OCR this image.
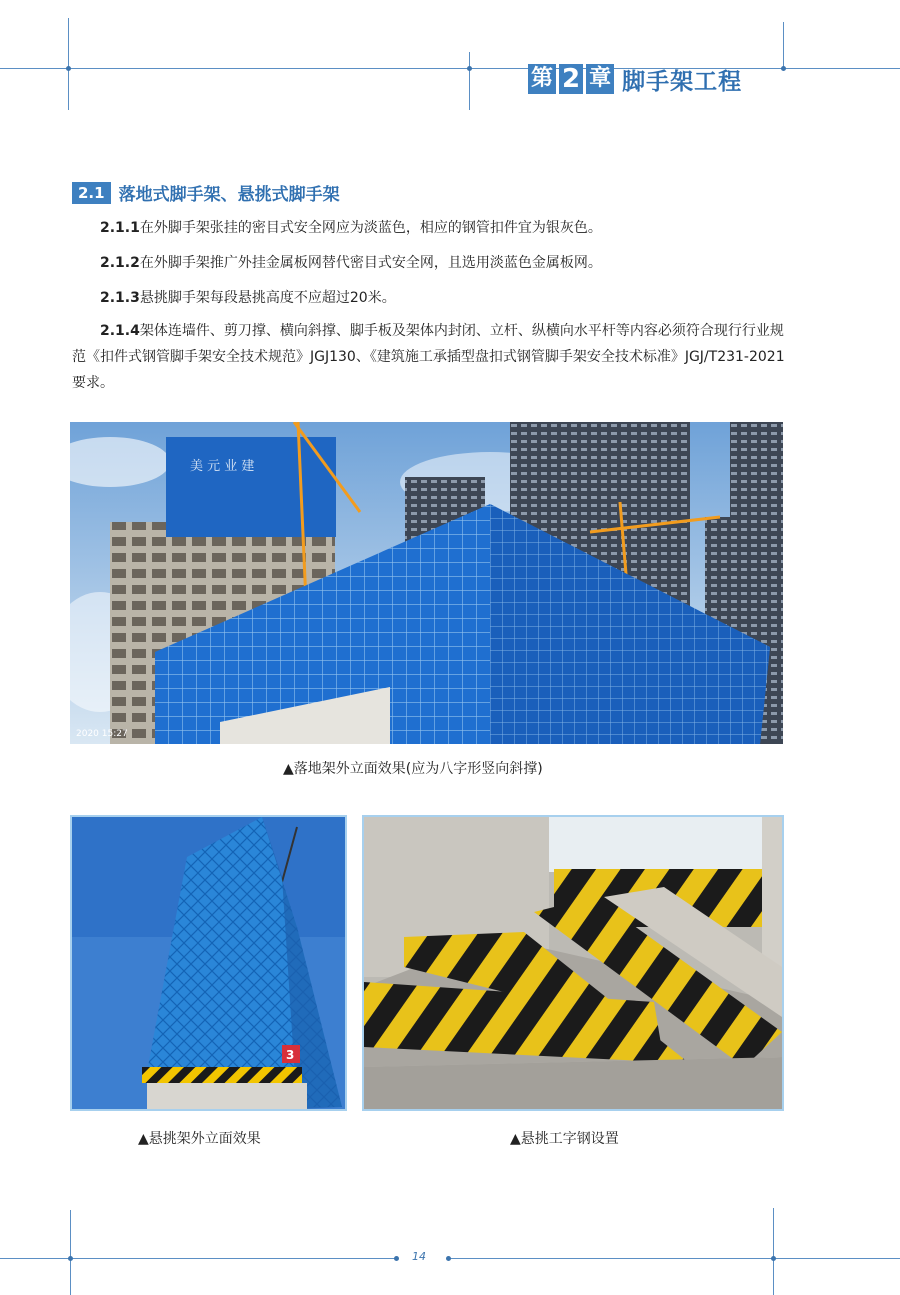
第 2 章 脚手架工程
2.1 落地式脚手架、悬挑式脚手架
2.1.1在外脚手架张挂的密目式安全网应为淡蓝色，相应的钢管扣件宜为银灰色。
2.1.2在外脚手架推广外挂金属板网替代密目式安全网，且选用淡蓝色金属板网。
2.1.3悬挑脚手架每段悬挑高度不应超过20米。
2.1.4架体连墙件、剪刀撑、横向斜撑、脚手板及架体内封闭、立杆、纵横向水平杆等内容必须符合现行行业规范《扣件式钢管脚手架安全技术规范》JGJ130、《建筑施工承插型盘扣式钢管脚手架安全技术标准》JGJ/T231-2021要求。
美 元 业 建
2020 15:27
▲落地架外立面效果(应为八字形竖向斜撑)
3
▲悬挑架外立面效果	▲悬挑工字钢设置
14
